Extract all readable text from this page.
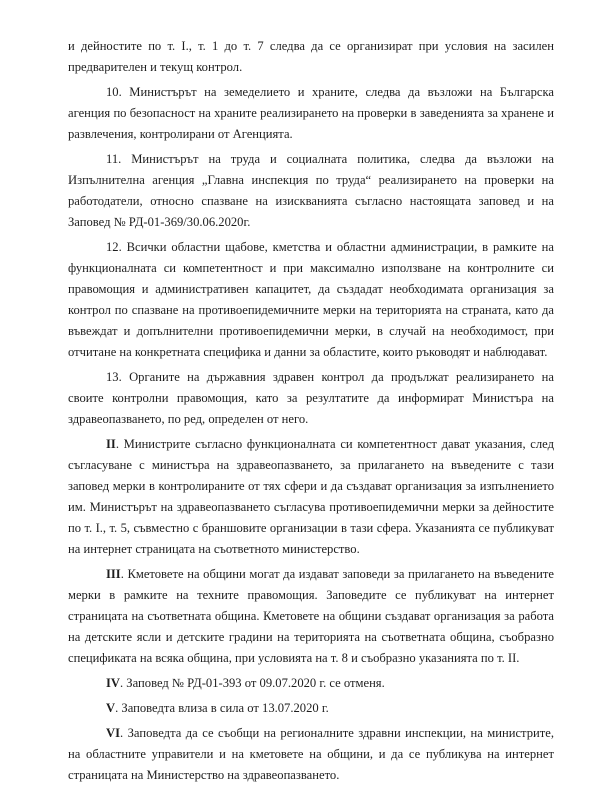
и дейностите по т. I., т. 1 до т. 7 следва да се организират при условия на засилен предварителен и текущ контрол.

10. Министърът на земеделието и храните, следва да възложи на Българска агенция по безопасност на храните реализирането на проверки в заведенията за хранене и развлечения, контролирани от Агенцията.

11. Министърът на труда и социалната политика, следва да възложи на Изпълнителна агенция „Главна инспекция по труда“ реализирането на проверки на работодатели, относно спазване на изискванията съгласно настоящата заповед и на Заповед № РД-01-369/30.06.2020г.

12. Всички областни щабове, кметства и областни администрации, в рамките на функционалната си компетентност и при максимално използване на контролните си правомощия и административен капацитет, да създадат необходимата организация за контрол по спазване на противоепидемичните мерки на територията на страната, като да въвеждат и допълнителни противоепидемични мерки, в случай на необходимост, при отчитане на конкретната специфика и данни за областите, които ръководят и наблюдават.

13. Органите на държавния здравен контрол да продължат реализирането на своите контролни правомощия, като за резултатите да информират Министъра на здравеопазването, по ред, определен от него.

II. Министрите съгласно функционалната си компетентност дават указания, след съгласуване с министъра на здравеопазването, за прилагането на въведените с тази заповед мерки в контролираните от тях сфери и да създават организация за изпълнението им. Министърът на здравеопазването съгласува противоепидемични мерки за дейностите по т. I., т. 5, съвместно с браншовите организации в тази сфера. Указанията се публикуват на интернет страницата на съответното министерство.

III. Кметовете на общини могат да издават заповеди за прилагането на въведените мерки в рамките на техните правомощия. Заповедите се публикуват на интернет страницата на съответната община. Кметовете на общини създават организация за работа на детските ясли и детските градини на територията на съответната община, съобразно спецификата на всяка община, при условията на т. 8 и съобразно указанията по т. II.

IV. Заповед № РД-01-393 от 09.07.2020 г. се отменя.

V. Заповедта влиза в сила от 13.07.2020 г.

VI. Заповедта да се съобщи на регионалните здравни инспекции, на министрите, на областните управители и на кметовете на общини, и да се публикува на интернет страницата на Министерство на здравеопазването.
